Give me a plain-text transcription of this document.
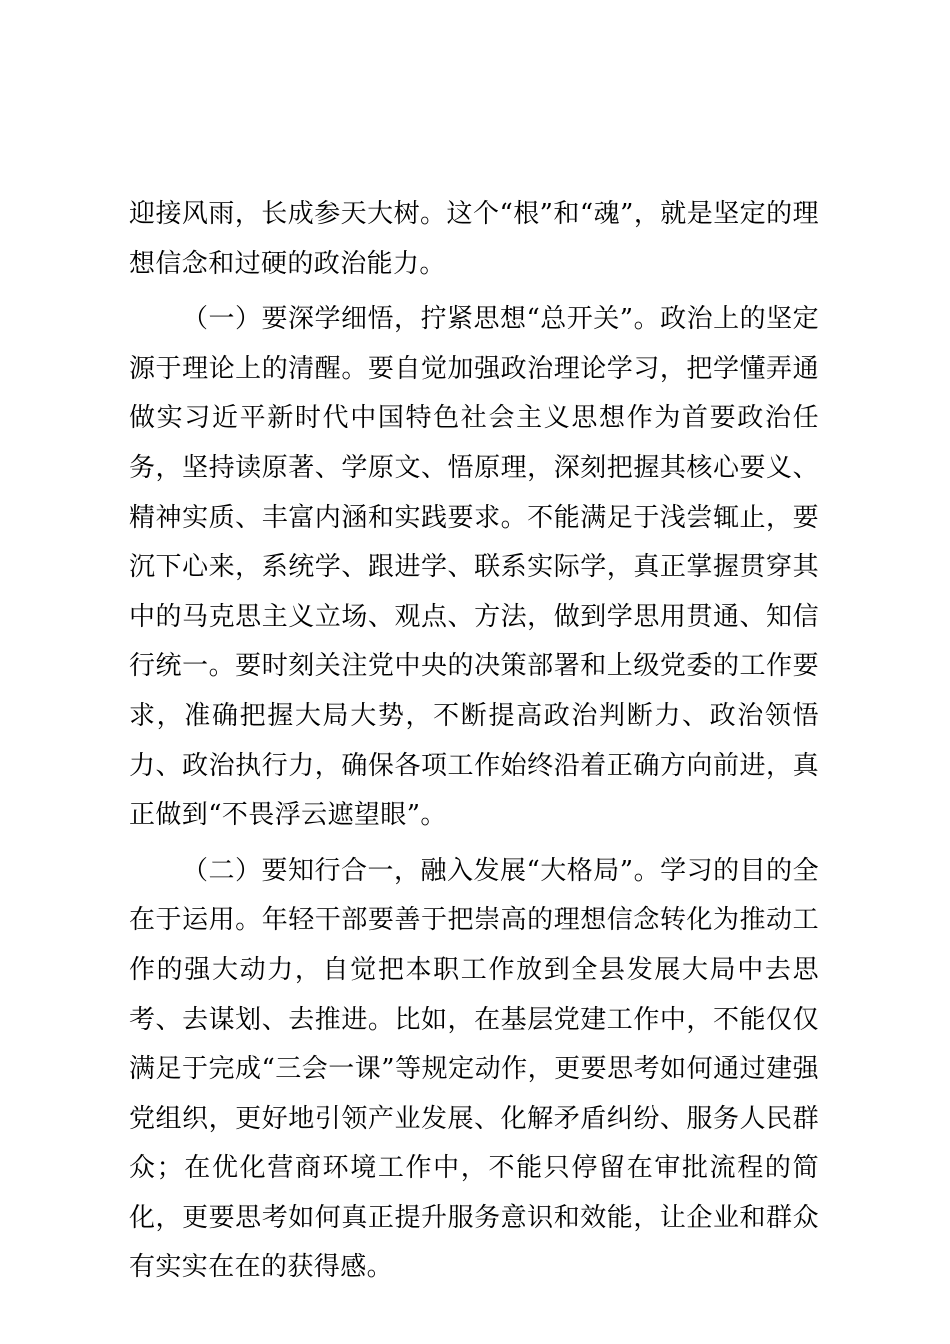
迎接风雨，长成参天大树。这个“根”和“魂”，就是坚定的理想信念和过硬的政治能力。

（一）要深学细悟，拧紧思想“总开关”。政治上的坚定源于理论上的清醒。要自觉加强政治理论学习，把学懂弄通做实习近平新时代中国特色社会主义思想作为首要政治任务，坚持读原著、学原文、悟原理，深刻把握其核心要义、精神实质、丰富内涵和实践要求。不能满足于浅尝辄止，要沉下心来，系统学、跟进学、联系实际学，真正掌握贯穿其中的马克思主义立场、观点、方法，做到学思用贯通、知信行统一。要时刻关注党中央的决策部署和上级党委的工作要求，准确把握大局大势，不断提高政治判断力、政治领悟力、政治执行力，确保各项工作始终沿着正确方向前进，真正做到“不畏浮云遮望眼”。

（二）要知行合一，融入发展“大格局”。学习的目的全在于运用。年轻干部要善于把崇高的理想信念转化为推动工作的强大动力，自觉把本职工作放到全县发展大局中去思考、去谋划、去推进。比如，在基层党建工作中，不能仅仅满足于完成“三会一课”等规定动作，更要思考如何通过建强党组织，更好地引领产业发展、化解矛盾纠纷、服务人民群众；在优化营商环境工作中，不能只停留在审批流程的简化，更要思考如何真正提升服务意识和效能，让企业和群众有实实在在的获得感。
